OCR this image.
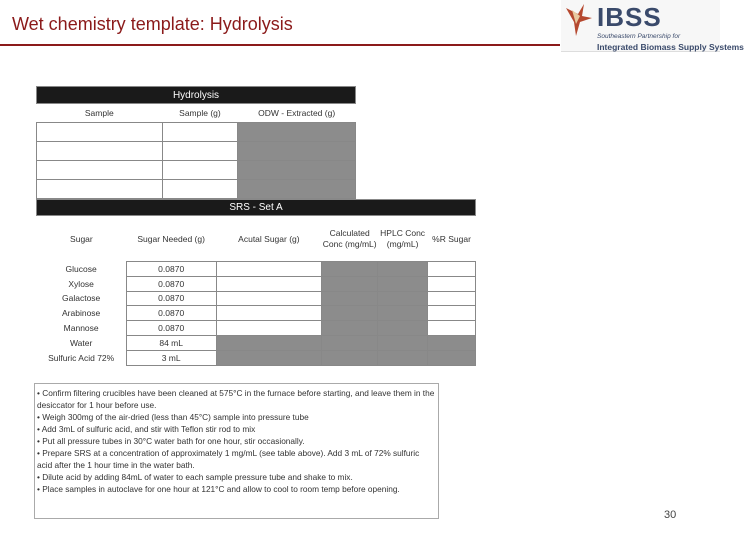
Wet chemistry template: Hydrolysis	IBSS
Southeastern Partnership for
Integrated Biomass Supply Systems
Hydrolysis		
Sample	Sample (g)	ODW - Extracted (g)

SRS - Set A					
Sugar	Sugar Needed (g)	Acutal Sugar (g)	Calculated Conc (mg/mL)	HPLC Conc (mg/mL)	%R Sugar
Glucose	0.0870				
Xylose	0.0870				
Galactose	0.0870				
Arabinose	0.0870				
Mannose	0.0870				
Water	84 mL				
Sulfuric Acid 72%	3 mL				
• Confirm filtering crucibles have been cleaned at 575°C in the furnace before starting, and leave them in the desiccator for 1 hour before use.
• Weigh 300mg of the air-dried (less than 45°C) sample into pressure tube
• Add 3mL of sulfuric acid, and stir with Teflon stir rod to mix
• Put all pressure tubes in 30°C water bath for one hour, stir occasionally.
• Prepare SRS at a concentration of approximately 1 mg/mL (see table above). Add 3 mL of 72% sulfuric acid after the 1 hour time in the water bath.
• Dilute acid by adding 84mL of water to each sample pressure tube and shake to mix.
• Place samples in autoclave for one hour at 121°C and allow to cool to room temp before opening.
30
